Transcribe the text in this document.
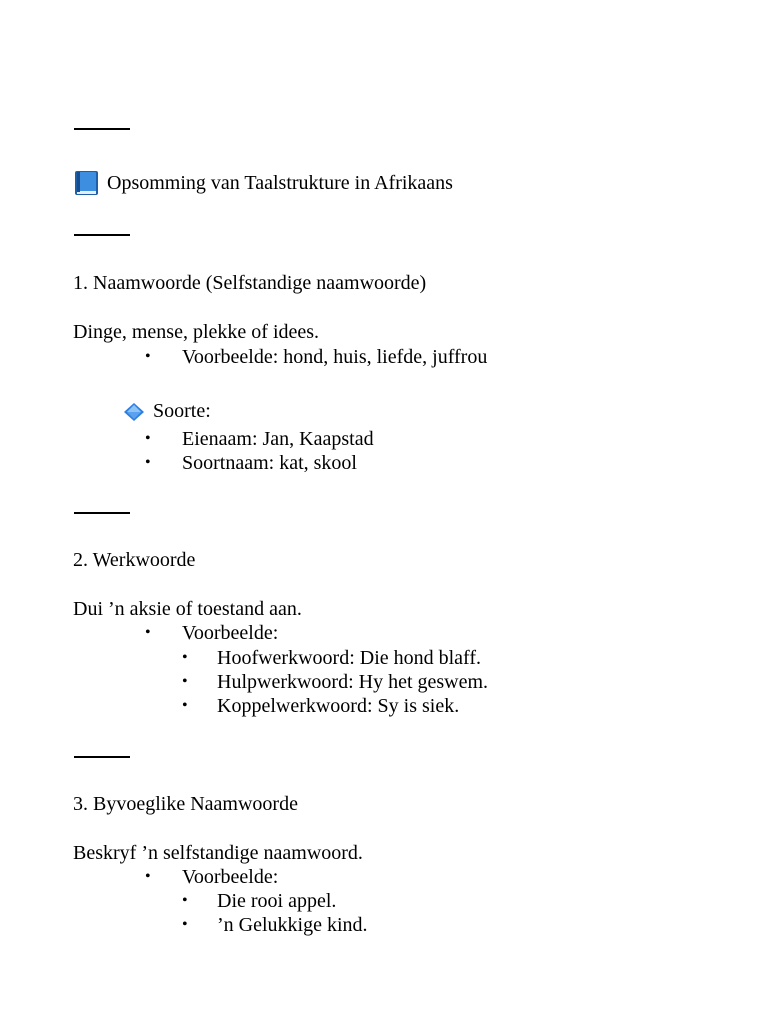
Opsomming van Taalstrukture in Afrikaans
1. Naamwoorde (Selfstandige naamwoorde)
Dinge, mense, plekke of idees.
• Voorbeelde: hond, huis, liefde, juffrou
Soorte:
• Eienaam: Jan, Kaapstad
• Soortnaam: kat, skool
2. Werkwoorde
Dui ’n aksie of toestand aan.
• Voorbeelde:
• Hoofwerkwoord: Die hond blaff.
• Hulpwerkwoord: Hy het geswem.
• Koppelwerkwoord: Sy is siek.
3. Byvoeglike Naamwoorde
Beskryf ’n selfstandige naamwoord.
• Voorbeelde:
• Die rooi appel.
• ’n Gelukkige kind.
